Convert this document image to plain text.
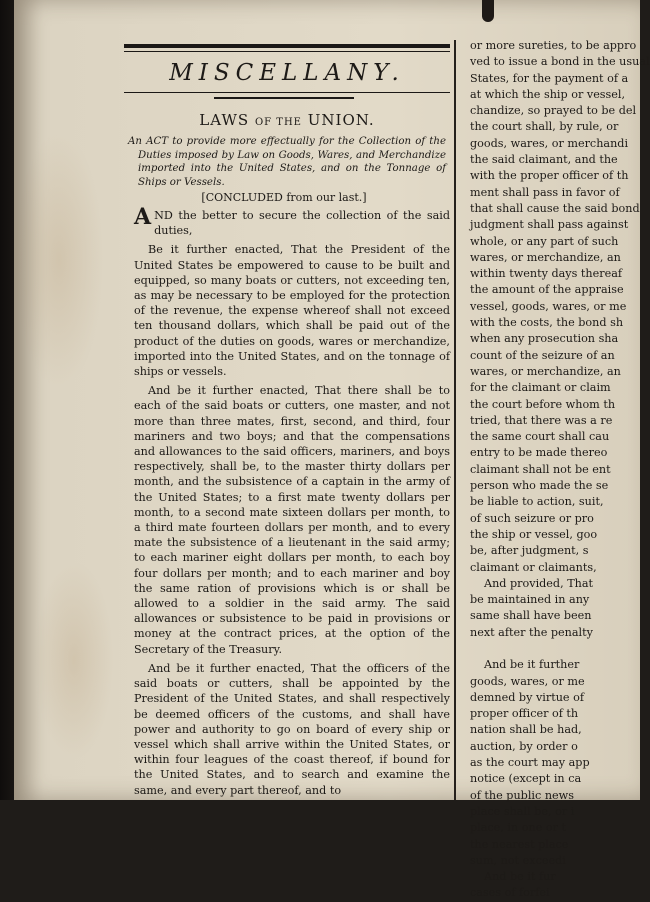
MISCELLANY.
LAWS OF THE UNION.
An ACT to provide more effectually for the Collection of the Duties imposed by Law on Goods, Wares, and Merchandize imported into the United States, and on the Tonnage of Ships or Vessels.
[CONCLUDED from our last.]
A ND the better to secure the collection of the said duties,
Be it further enacted, That the President of the United States be empowered to cause to be built and equipped, so many boats or cutters, not exceeding ten, as may be necessary to be employed for the protection of the revenue, the expense whereof shall not exceed ten thousand dollars, which shall be paid out of the product of the duties on goods, wares or merchandize, imported into the United States, and on the tonnage of ships or vessels.
And be it further enacted, That there shall be to each of the said boats or cutters, one master, and not more than three mates, first, second, and third, four mariners and two boys; and that the compensations and allowances to the said officers, mariners, and boys respectively, shall be, to the master thirty dollars per month, and the subsistence of a captain in the army of the United States; to a first mate twenty dollars per month, to a second mate sixteen dollars per month, to a third mate fourteen dollars per month, and to every mate the subsistence of a lieutenant in the said army; to each mariner eight dollars per month, to each boy four dollars per month; and to each mariner and boy the same ration of provisions which is or shall be allowed to a soldier in the said army. The said allowances or subsistence to be paid in provisions or money at the contract prices, at the option of the Secretary of the Treasury.
And be it further enacted, That the officers of the said boats or cutters, shall be appointed by the President of the United States, and shall respectively be deemed officers of the customs, and shall have power and authority to go on board of every ship or vessel which shall arrive within the United States, or within four leagues of the coast thereof, if bound for the United States, and to search and examine the same, and every part thereof, and to
or more sureties, to be appro
ved to issue a bond in the usual
States, for the payment of a
at which the ship or vessel,
chandize, so prayed to be del
the court shall, by rule, or
goods, wares, or merchandi
the said claimant, and the
with the proper officer of th
ment shall pass in favor of
that shall cause the said bond
judgment shall pass against
whole, or any part of such
wares, or merchandize, an
within twenty days thereaf
the amount of the appraise
vessel, goods, wares, or me
with the costs, the bond sh
when any prosecution sha
count of the seizure of an
wares, or merchandize, an
for the claimant or claim
the court before whom th
tried, that there was a re
the same court shall cau
entry to be made thereo
claimant shall not be ent
person who made the se
be liable to action, suit,
of such seizure or pro
the ship or vessel, goo
be, after judgment, s
claimant or claimants,
And provided, That
be maintained in any
same shall have been
next after the penalty

And be it further
goods, wares, or me
demned by virtue of
proper officer of th
nation shall be had,
auction, by order o
as the court may app
notice (except in ca
of the public news
place shall be, or i
place, in one or t
the nearest place
sum, not exceedi
And be it fur
cases of forfei
